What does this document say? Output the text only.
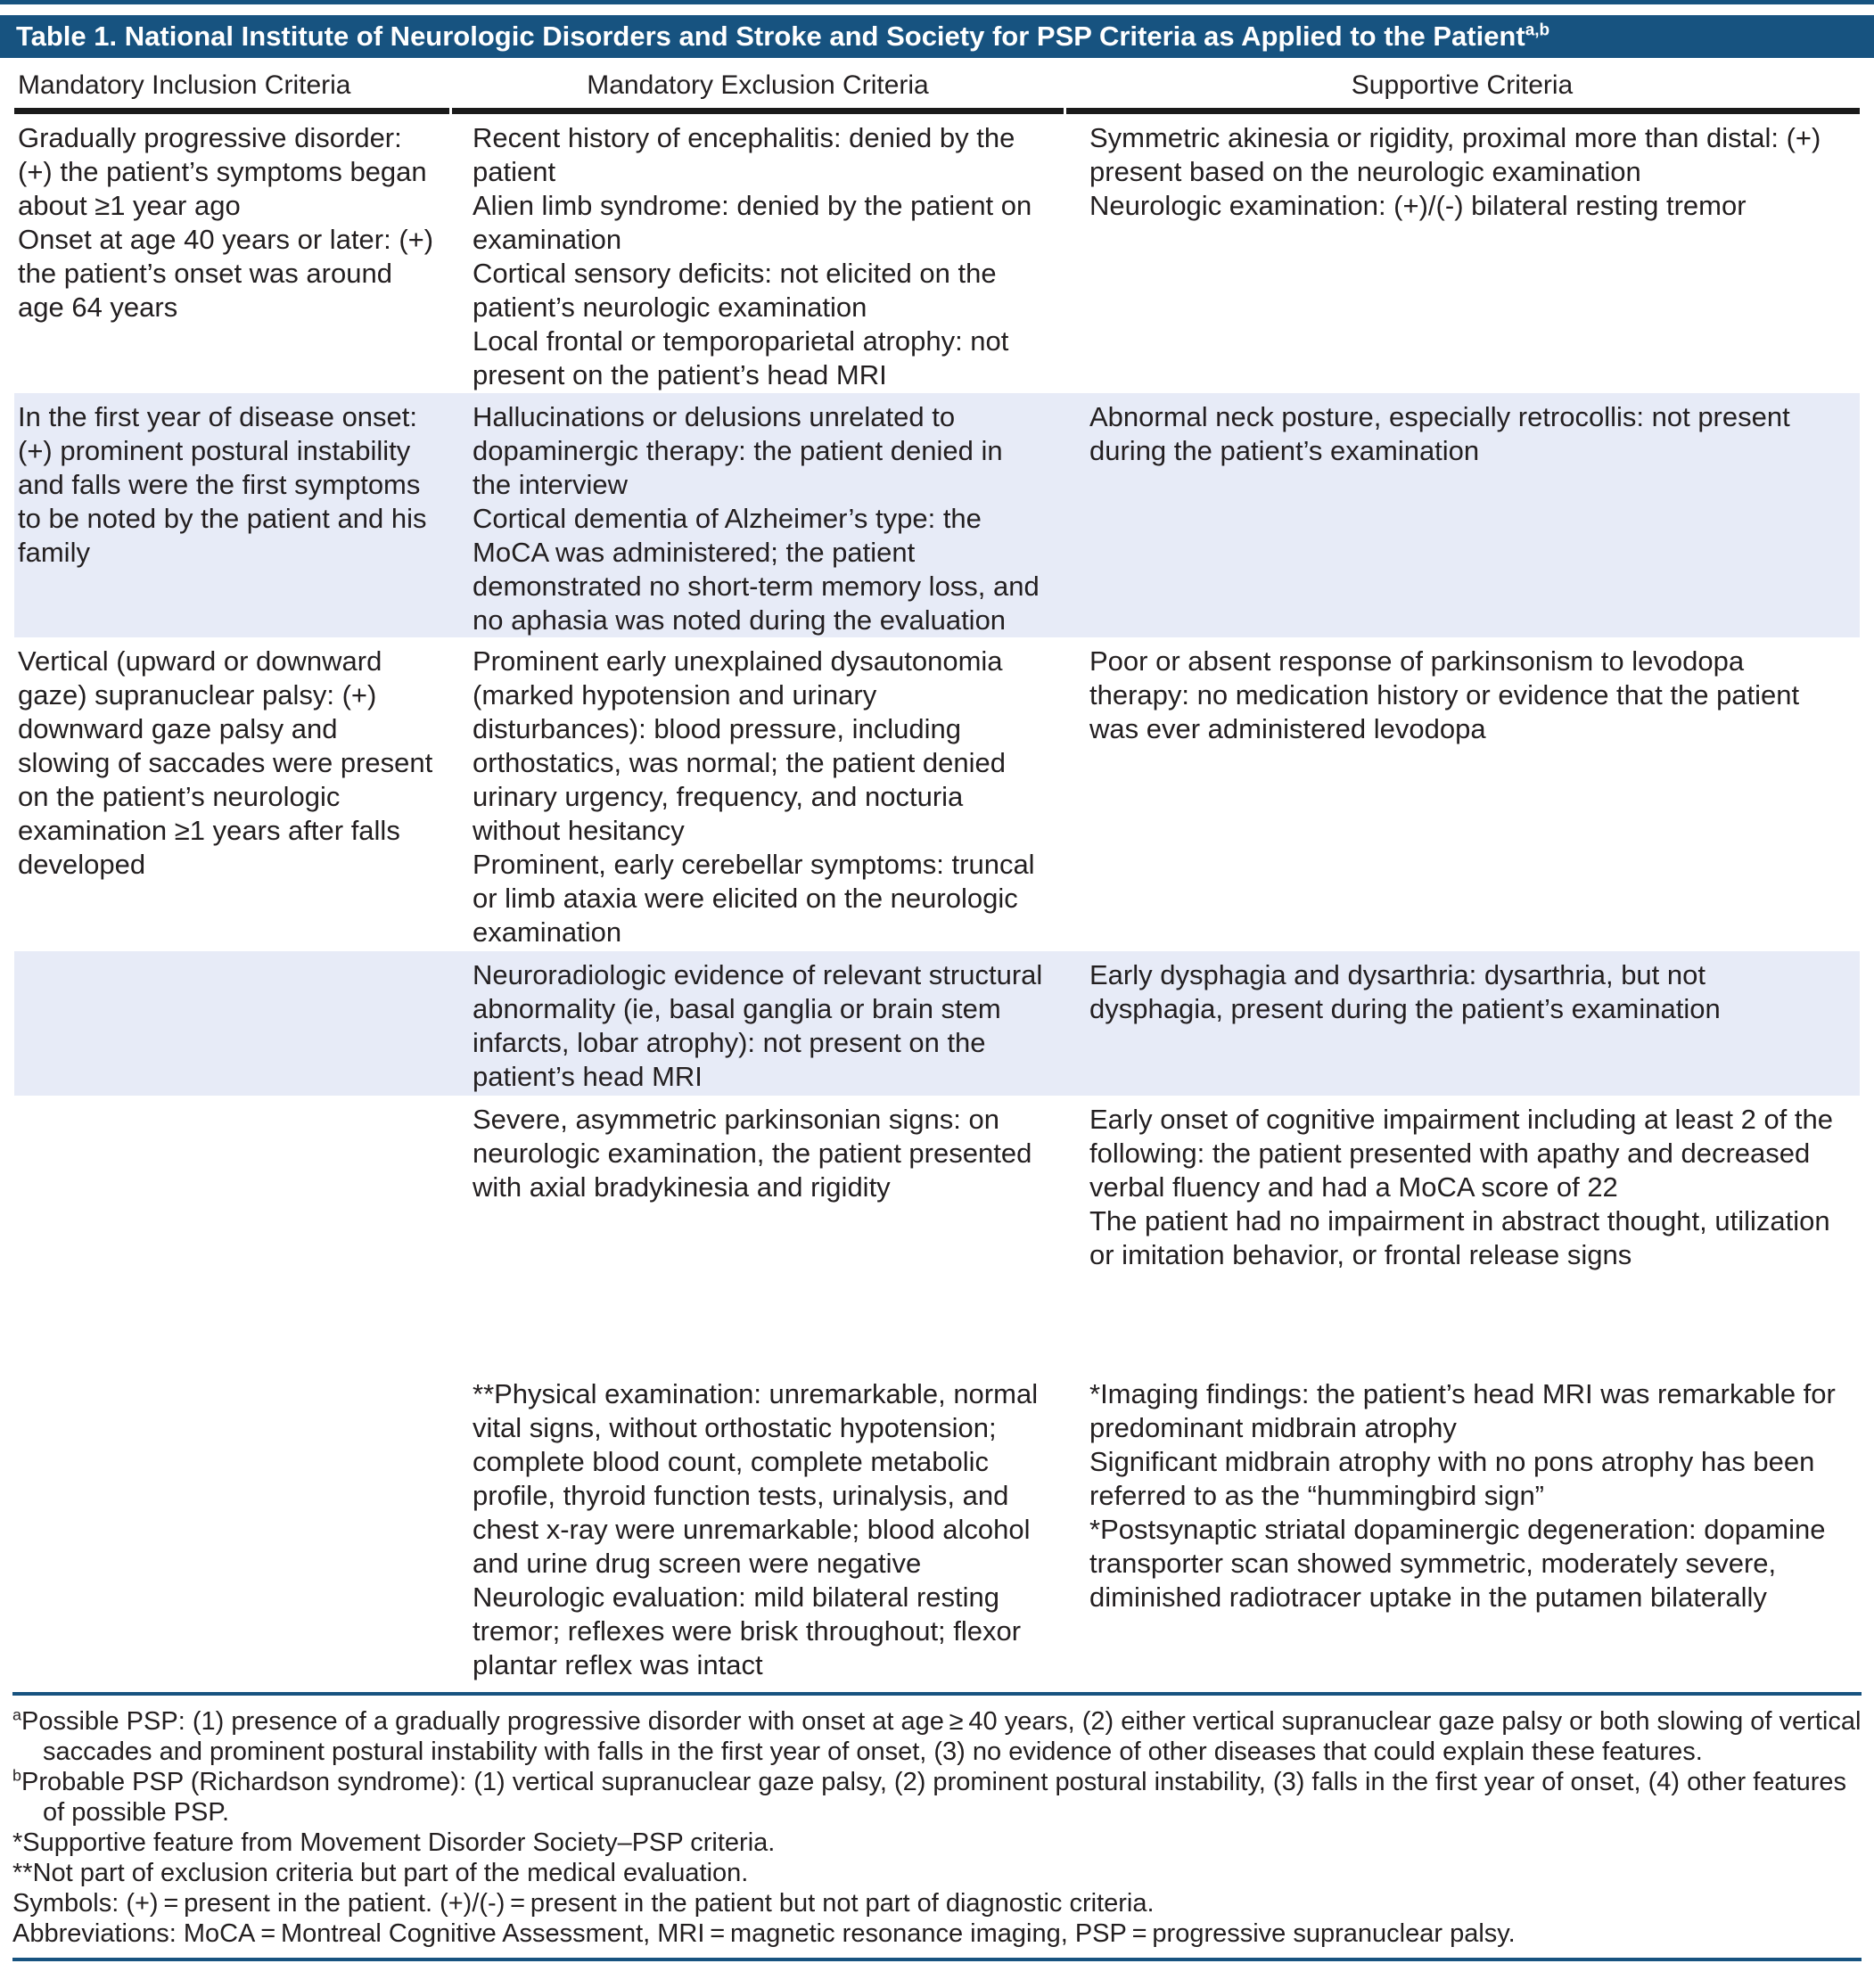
Table 1. National Institute of Neurologic Disorders and Stroke and Society for PSP Criteria as Applied to the Patient$^{a,b}$
Mandatory Inclusion Criteria	Mandatory Exclusion Criteria	Supportive Criteria
Gradually progressive disorder: (+) the patient’s symptoms began about ≥1 year ago
Onset at age 40 years or later: (+) the patient’s onset was around age 64 years
Recent history of encephalitis: denied by the patient
Alien limb syndrome: denied by the patient on examination
Cortical sensory deficits: not elicited on the patient’s neurologic examination
Local frontal or temporoparietal atrophy: not present on the patient’s head MRI
Symmetric akinesia or rigidity, proximal more than distal: (+) present based on the neurologic examination
Neurologic examination: (+)/(-) bilateral resting tremor
In the first year of disease onset: (+) prominent postural instability and falls were the first symptoms to be noted by the patient and his family
Hallucinations or delusions unrelated to dopaminergic therapy: the patient denied in the interview
Cortical dementia of Alzheimer’s type: the MoCA was administered; the patient demonstrated no short-term memory loss, and no aphasia was noted during the evaluation
Abnormal neck posture, especially retrocollis: not present during the patient’s examination
Vertical (upward or downward gaze) supranuclear palsy: (+) downward gaze palsy and slowing of saccades were present on the patient’s neurologic examination ≥1 years after falls developed
Prominent early unexplained dysautonomia (marked hypotension and urinary disturbances): blood pressure, including orthostatics, was normal; the patient denied urinary urgency, frequency, and nocturia without hesitancy
Prominent, early cerebellar symptoms: truncal or limb ataxia were elicited on the neurologic examination
Poor or absent response of parkinsonism to levodopa therapy: no medication history or evidence that the patient was ever administered levodopa
Neuroradiologic evidence of relevant structural abnormality (ie, basal ganglia or brain stem infarcts, lobar atrophy): not present on the patient’s head MRI
Early dysphagia and dysarthria: dysarthria, but not dysphagia, present during the patient’s examination
Severe, asymmetric parkinsonian signs: on neurologic examination, the patient presented with axial bradykinesia and rigidity
Early onset of cognitive impairment including at least 2 of the following: the patient presented with apathy and decreased verbal fluency and had a MoCA score of 22
The patient had no impairment in abstract thought, utilization or imitation behavior, or frontal release signs
**Physical examination: unremarkable, normal vital signs, without orthostatic hypotension; complete blood count, complete metabolic profile, thyroid function tests, urinalysis, and chest x-ray were unremarkable; blood alcohol and urine drug screen were negative
Neurologic evaluation: mild bilateral resting tremor; reflexes were brisk throughout; flexor plantar reflex was intact
*Imaging findings: the patient’s head MRI was remarkable for predominant midbrain atrophy
Significant midbrain atrophy with no pons atrophy has been referred to as the “hummingbird sign”
*Postsynaptic striatal dopaminergic degeneration: dopamine transporter scan showed symmetric, moderately severe, diminished radiotracer uptake in the putamen bilaterally
$^a$Possible PSP: (1) presence of a gradually progressive disorder with onset at age ≥ 40 years, (2) either vertical supranuclear gaze palsy or both slowing of vertical saccades and prominent postural instability with falls in the first year of onset, (3) no evidence of other diseases that could explain these features.
$^b$Probable PSP (Richardson syndrome): (1) vertical supranuclear gaze palsy, (2) prominent postural instability, (3) falls in the first year of onset, (4) other features of possible PSP.
*Supportive feature from Movement Disorder Society–PSP criteria.
**Not part of exclusion criteria but part of the medical evaluation.
Symbols: (+) = present in the patient. (+)/(-) = present in the patient but not part of diagnostic criteria.
Abbreviations: MoCA = Montreal Cognitive Assessment, MRI = magnetic resonance imaging, PSP = progressive supranuclear palsy.
